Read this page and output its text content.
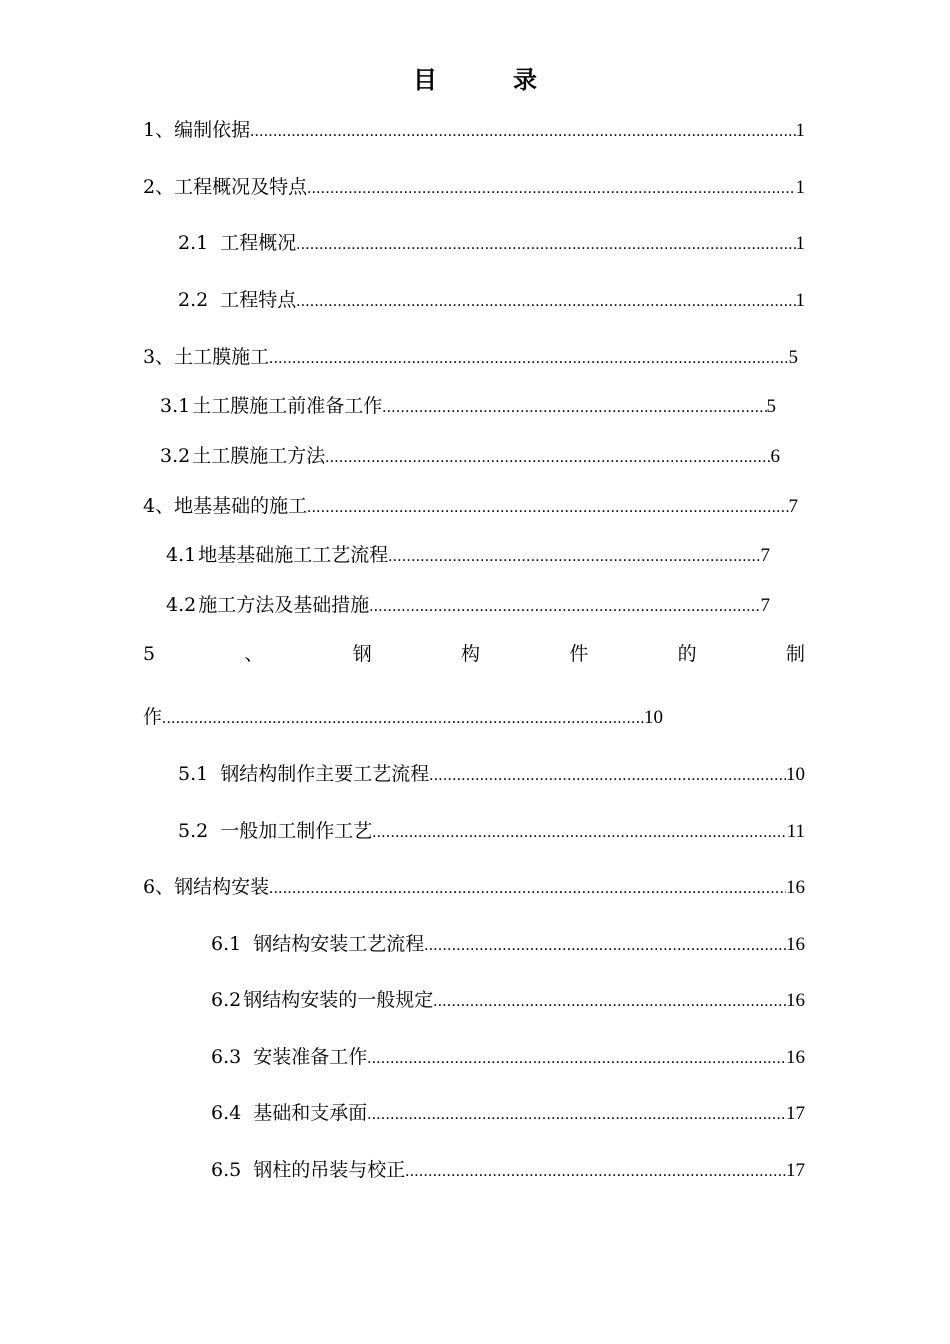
目　录
1、 编制依据 .....	1
2、 工程概况及特点 .....	1
2.1 工程概况 .....	1
2.2 工程特点 .....	1
3、 土工膜施工 .....	5
3.1 土工膜施工前准备工作 .....	5
3.2 土工膜施工方法 .....	6
4、 地基基础的施工 .....	7
4.1 地基基础施工工艺流程 .....	7
4.2 施工方法及基础措施 .....	7
5	、	钢	构	件	的	制
作 .....	10
5.1 钢结构制作主要工艺流程 .....	10
5.2 一般加工制作工艺 .....	11
6、 钢结构安装 .....	16
6.1 钢结构安装工艺流程 .....	16
6.2 钢结构安装的一般规定 .....	16
6.3 安装准备工作 .....	16
6.4 基础和支承面 .....	17
6.5 钢柱的吊装与校正 .....	17
